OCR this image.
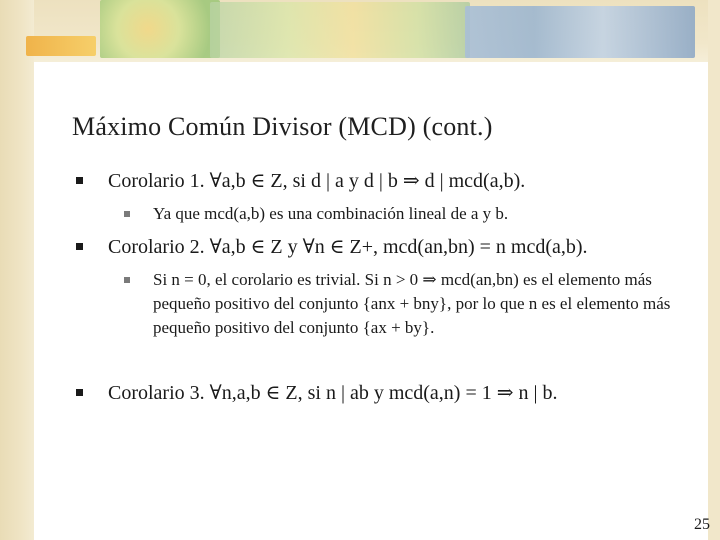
Máximo Común Divisor (MCD) (cont.)
Corolario 1. ∀a,b ∈ Z, si d | a y d | b ⇒ d | mcd(a,b).
Ya que mcd(a,b) es una combinación lineal de a y b.
Corolario 2. ∀a,b ∈ Z y ∀n ∈ Z+, mcd(an,bn) = n mcd(a,b).
Si n = 0, el corolario es trivial. Si n > 0 ⇒ mcd(an,bn) es el elemento más pequeño positivo del conjunto {anx + bny}, por lo que n es el elemento más pequeño positivo del conjunto {ax + by}.
Corolario 3. ∀n,a,b ∈ Z, si n | ab y mcd(a,n) = 1 ⇒ n | b.
25
